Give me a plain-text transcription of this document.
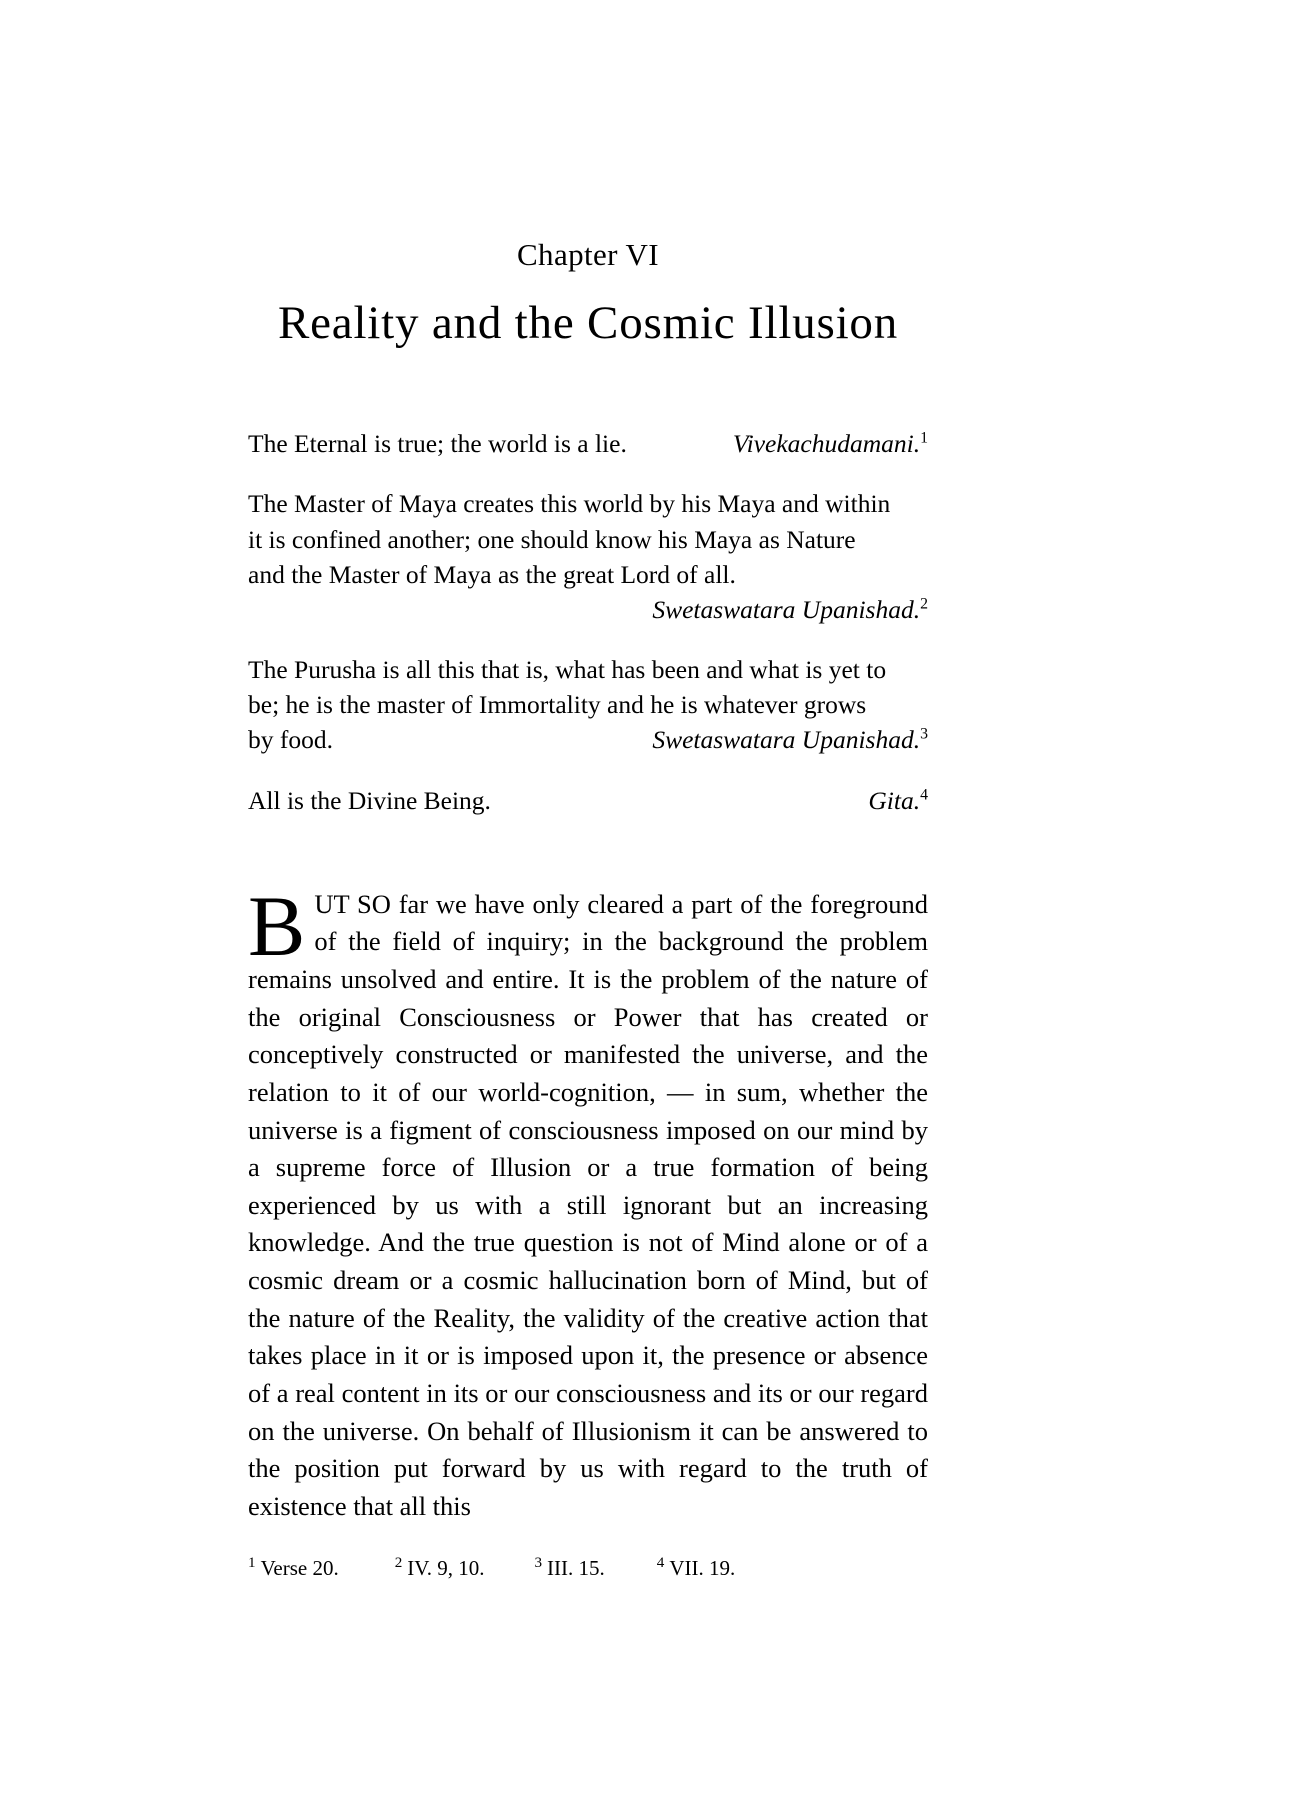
Chapter VI
Reality and the Cosmic Illusion
The Eternal is true; the world is a lie.	Vivekachudamani.$^1$

The Master of Maya creates this world by his Maya and within

it is confined another; one should know his Maya as Nature

and the Master of Maya as the great Lord of all.

Swetaswatara Upanishad.$^2$

The Purusha is all this that is, what has been and what is yet to

be; he is the master of Immortality and he is whatever grows

by food.	Swetaswatara Upanishad.$^3$
All is the Divine Being.	Gita.$^4$

BUT SO far we have only cleared a part of the foreground of the field of inquiry; in the background the problem remains unsolved and entire. It is the problem of the nature of the original Consciousness or Power that has created or conceptively constructed or manifested the universe, and the relation to it of our world-cognition, — in sum, whether the universe is a figment of consciousness imposed on our mind by a supreme force of Illusion or a true formation of being experienced by us with a still ignorant but an increasing knowledge. And the true question is not of Mind alone or of a cosmic dream or a cosmic hallucination born of Mind, but of the nature of the Reality, the validity of the creative action that takes place in it or is imposed upon it, the presence or absence of a real content in its or our consciousness and its or our regard on the universe. On behalf of Illusionism it can be answered to the position put forward by us with regard to the truth of existence that all this

$^1$ Verse 20.	$^2$ IV. 9, 10.	$^3$ III. 15.	$^4$ VII. 19.
